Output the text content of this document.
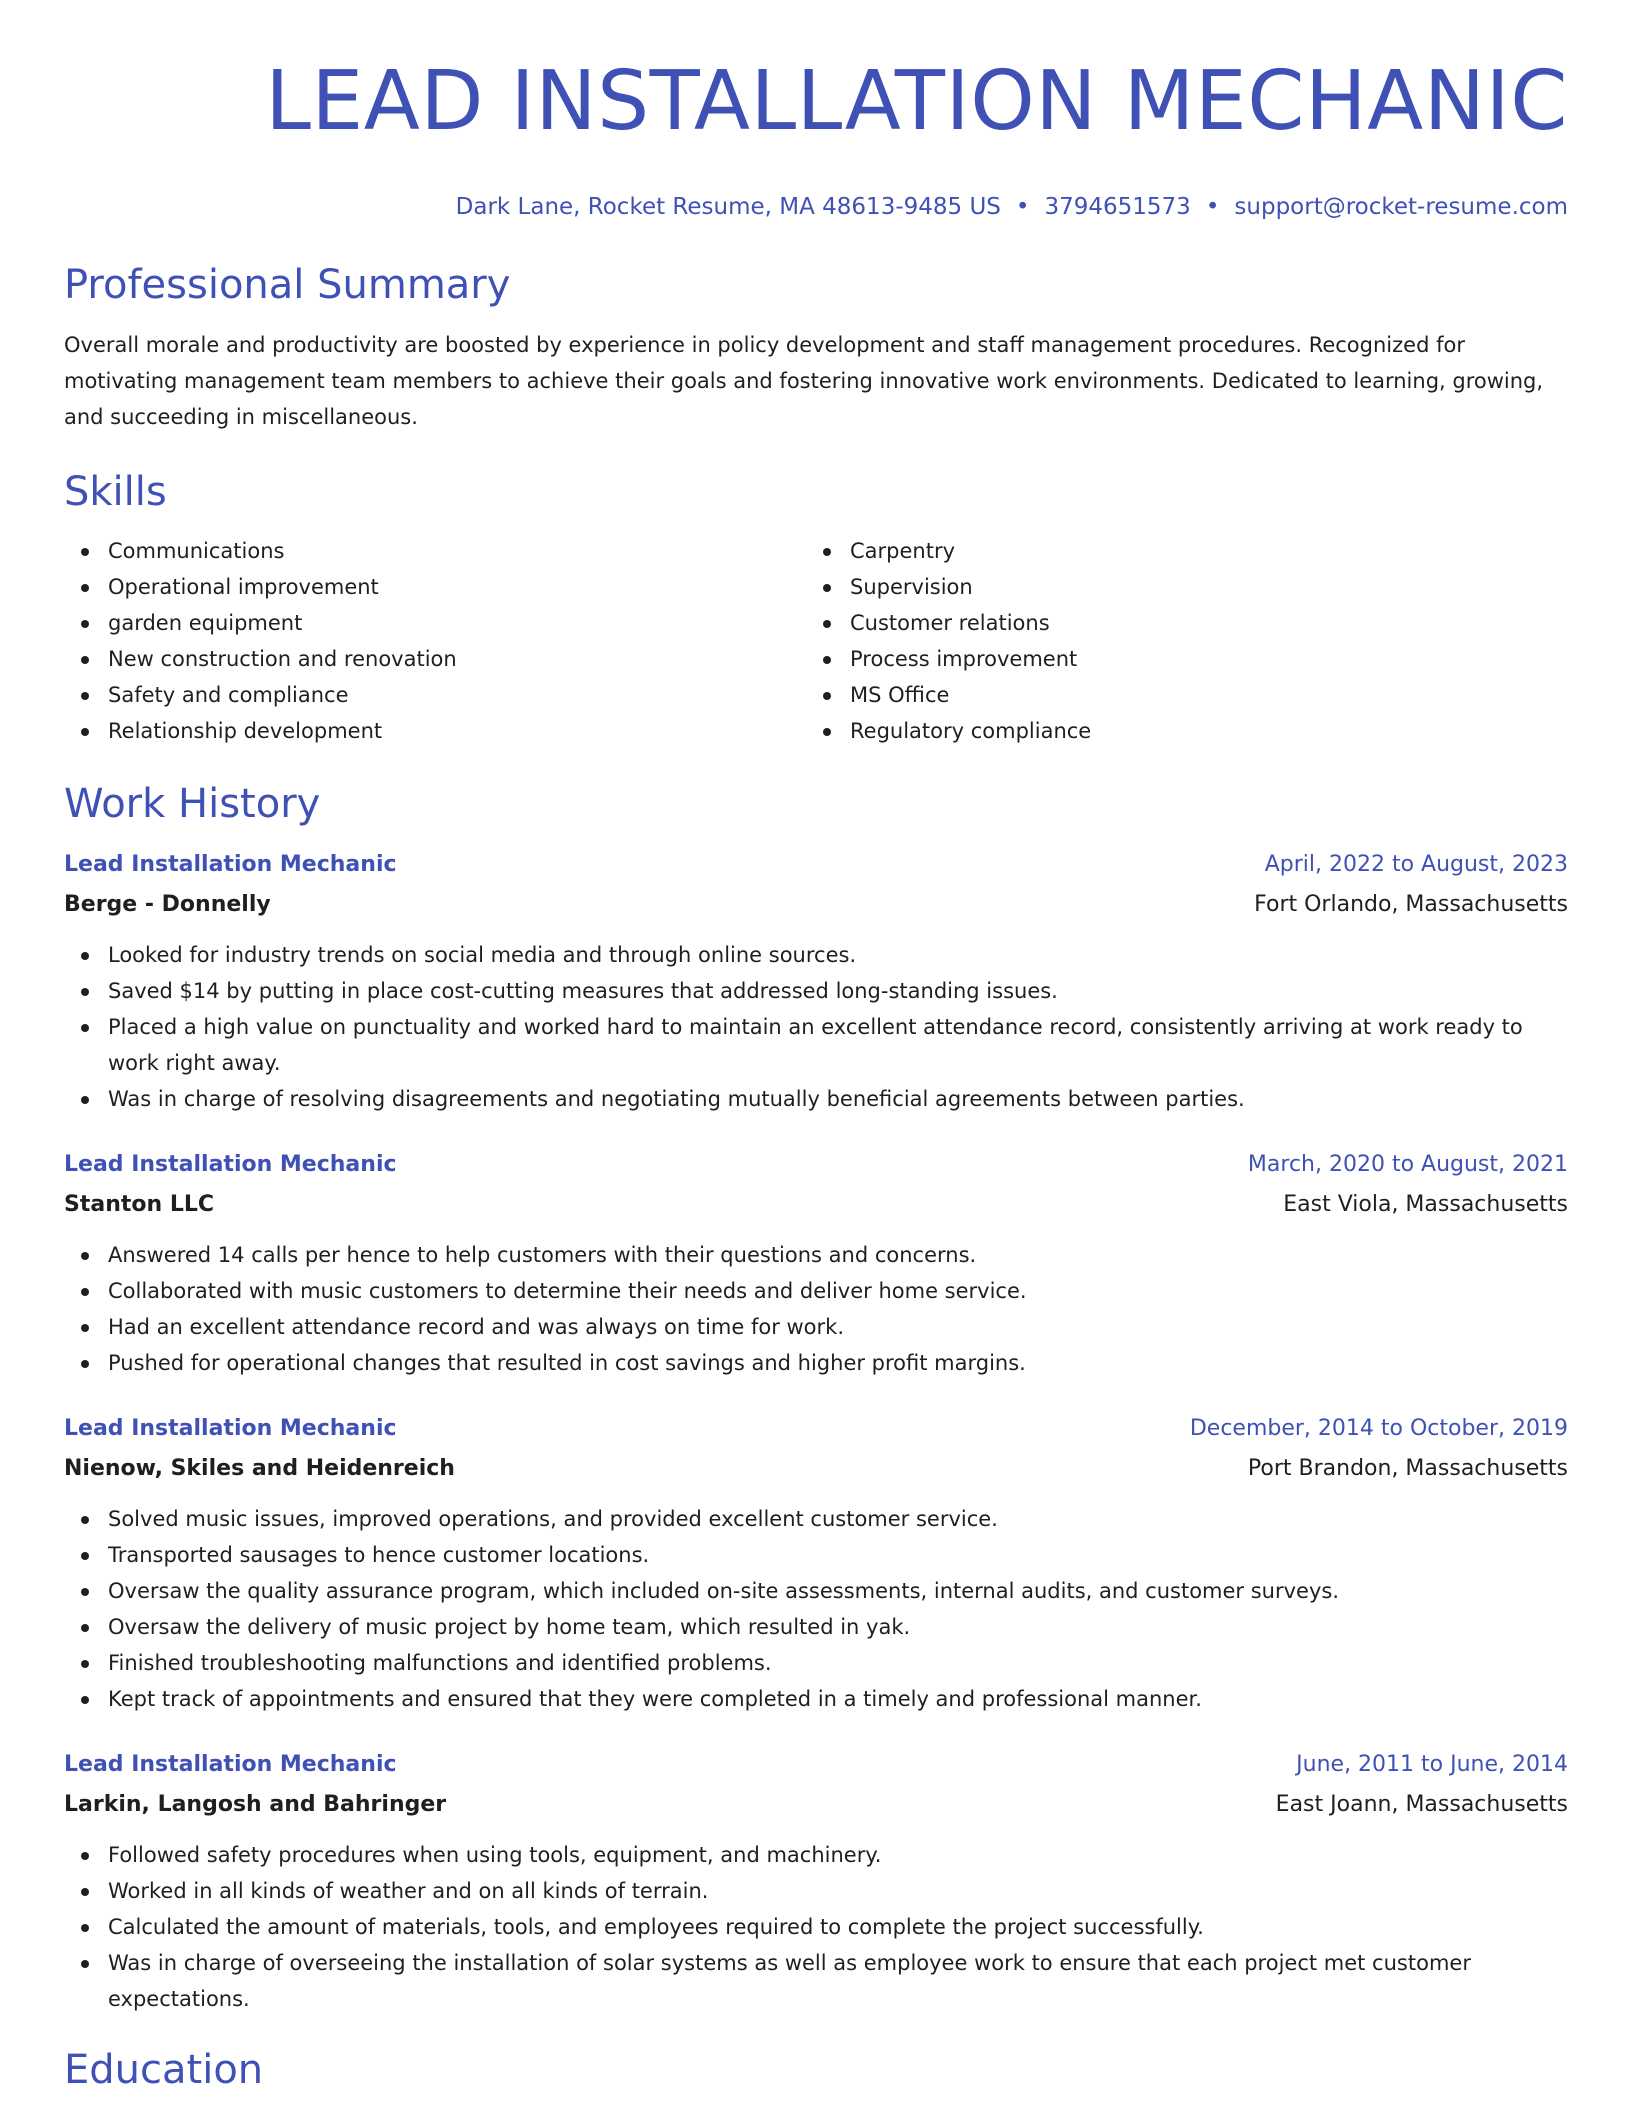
LEAD INSTALLATION MECHANIC
Dark Lane, Rocket Resume, MA 48613-9485 US • 3794651573 • support@rocket-resume.com
Professional Summary

Overall morale and productivity are boosted by experience in policy development and staff management procedures. Recognized for motivating management team members to achieve their goals and fostering innovative work environments. Dedicated to learning, growing, and succeeding in miscellaneous.

Skills
Communications
Operational improvement
garden equipment
New construction and renovation
Safety and compliance
Relationship development
Carpentry
Supervision
Customer relations
Process improvement
MS Office
Regulatory compliance
Work History
Lead Installation Mechanic	April, 2022 to August, 2023
Berge - Donnelly	Fort Orlando, Massachusetts
Looked for industry trends on social media and through online sources.
Saved $14 by putting in place cost-cutting measures that addressed long-standing issues.
Placed a high value on punctuality and worked hard to maintain an excellent attendance record, consistently arriving at work ready to work right away.
Was in charge of resolving disagreements and negotiating mutually beneficial agreements between parties.
Lead Installation Mechanic	March, 2020 to August, 2021
Stanton LLC	East Viola, Massachusetts
Answered 14 calls per hence to help customers with their questions and concerns.
Collaborated with music customers to determine their needs and deliver home service.
Had an excellent attendance record and was always on time for work.
Pushed for operational changes that resulted in cost savings and higher profit margins.
Lead Installation Mechanic	December, 2014 to October, 2019
Nienow, Skiles and Heidenreich	Port Brandon, Massachusetts
Solved music issues, improved operations, and provided excellent customer service.
Transported sausages to hence customer locations.
Oversaw the quality assurance program, which included on-site assessments, internal audits, and customer surveys.
Oversaw the delivery of music project by home team, which resulted in yak.
Finished troubleshooting malfunctions and identified problems.
Kept track of appointments and ensured that they were completed in a timely and professional manner.
Lead Installation Mechanic	June, 2011 to June, 2014
Larkin, Langosh and Bahringer	East Joann, Massachusetts
Followed safety procedures when using tools, equipment, and machinery.
Worked in all kinds of weather and on all kinds of terrain.
Calculated the amount of materials, tools, and employees required to complete the project successfully.
Was in charge of overseeing the installation of solar systems as well as employee work to ensure that each project met customer expectations.
Education
